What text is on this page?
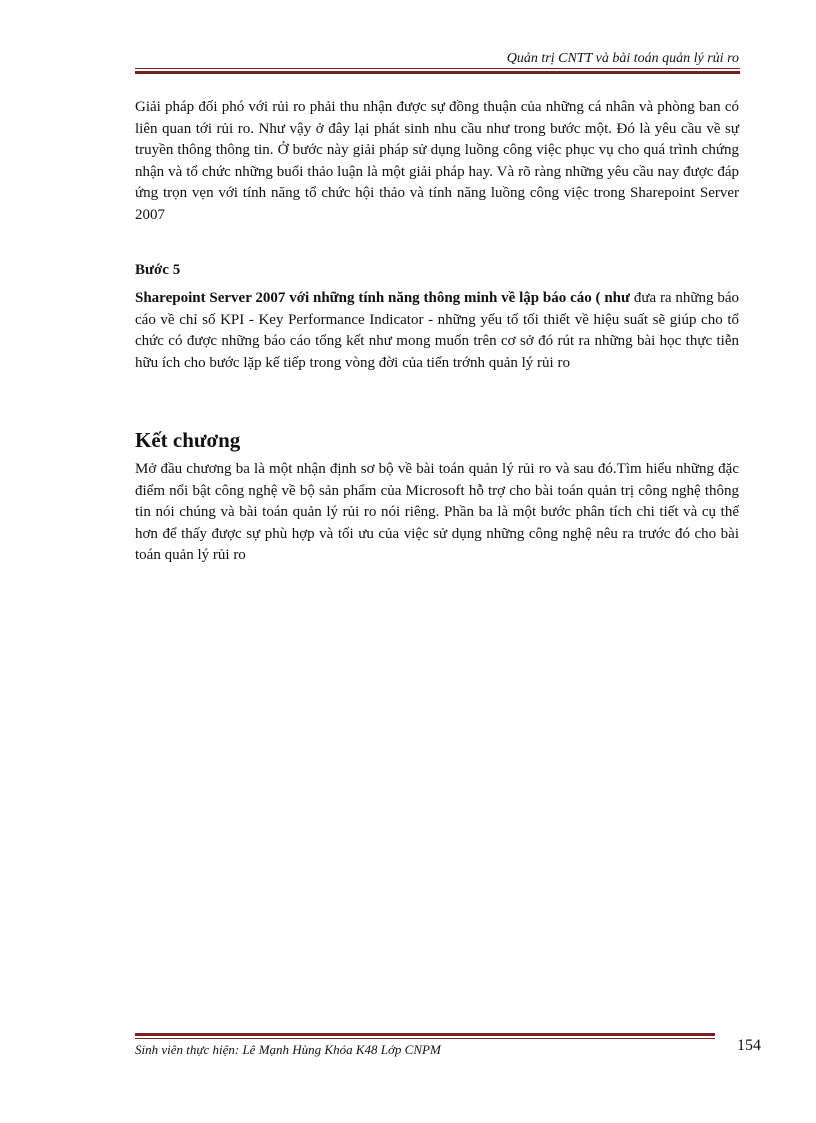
Quản trị CNTT và bài toán quản lý rủi ro

Giải pháp đối phó với rủi ro phải thu nhận được sự đồng thuận của những cá nhân và phòng ban có liên quan tới rủi ro. Như vậy ở đây lại phát sinh nhu cầu như trong bước một. Đó là yêu cầu về sự truyền thông thông tin. Ở bước này giải pháp sử dụng luồng công việc phục vụ cho quá trình chứng nhận và tổ chức những buổi thảo luận là một giải pháp hay. Và rõ ràng những yêu cầu nay được đáp ứng trọn vẹn với tính năng tổ chức hội thảo và tính năng luồng công việc trong Sharepoint Server 2007

Bước 5

Sharepoint Server 2007 với những tính năng thông minh về lập báo cáo ( như đưa ra những báo cáo về chỉ số KPI - Key Performance Indicator - những yếu tố tối thiết về hiệu suất sẽ giúp cho tổ chức có được những báo cáo tổng kết như mong muốn trên cơ sở đó rút ra những bài học thực tiễn hữu ích cho bước lặp kế tiếp trong vòng đời của tiến trớnh quản lý rủi ro

Kết chương

Mở đầu chương ba là một nhận định sơ bộ về bài toán quản lý rủi ro và sau đó.Tìm hiểu những đặc điểm nổi bật công nghệ về bộ sản phẩm của Microsoft hỗ trợ cho bài toán quản trị công nghệ thông tin nói chúng và bài toán quản lý rủi ro nói riêng. Phần ba là một bước phân tích chi tiết và cụ thể hơn để thấy được sự phù hợp và tối ưu của việc sử dụng những công nghệ nêu ra trước đó cho bài toán quản lý rủi ro

Sinh viên thực hiện: Lê Mạnh Hùng Khóa K48 Lớp CNPM	154
